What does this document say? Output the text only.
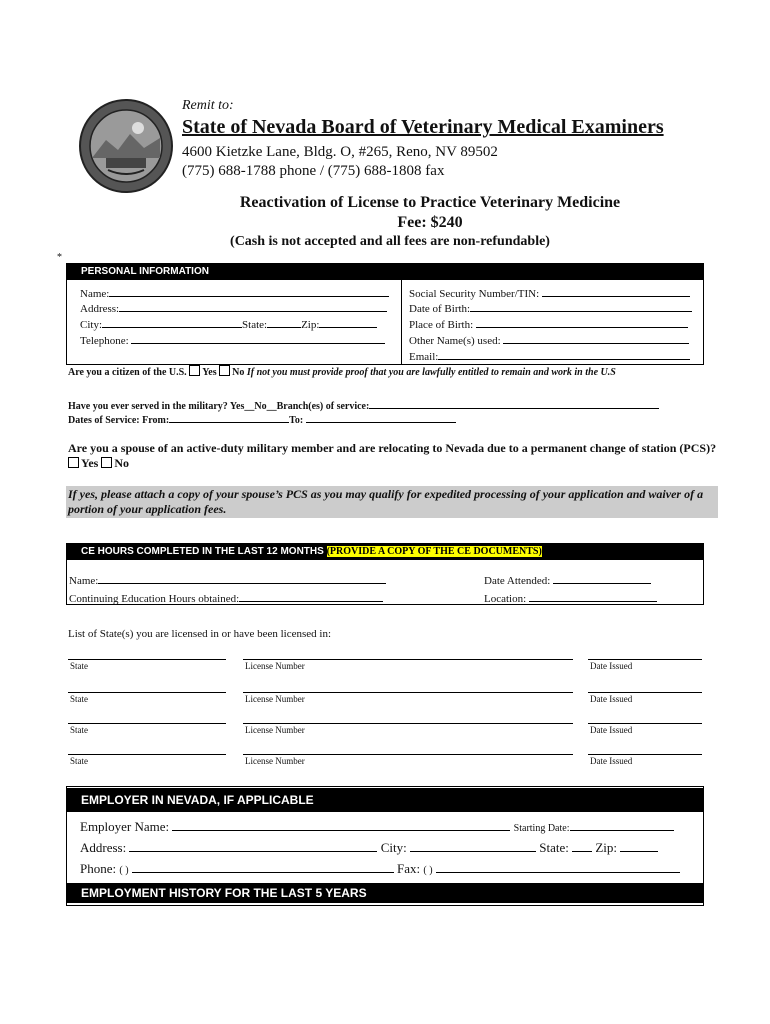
Remit to:
State of Nevada Board of Veterinary Medical Examiners
4600 Kietzke Lane, Bldg. O, #265, Reno, NV 89502
(775) 688-1788 phone / (775) 688-1808 fax
Reactivation of License to Practice Veterinary Medicine
Fee: $240
(Cash is not accepted and all fees are non-refundable)
*
PERSONAL INFORMATION
Name:
Address:
City:	State:	Zip:
Telephone:
Social Security Number/TIN:
Date of Birth:
Place of Birth:
Other Name(s) used:
Email:
Are you a citizen of the U.S. Yes No If not you must provide proof that you are lawfully entitled to remain and work in the U.S
Have you ever served in the military? Yes__No__Branch(es) of service:
Dates of Service: From:	To:
Are you a spouse of an active-duty military member and are relocating to Nevada due to a permanent change of station (PCS)? Yes No
If yes, please attach a copy of your spouse’s PCS as you may qualify for expedited processing of your application and waiver of a portion of your application fees.
CE HOURS COMPLETED IN THE LAST 12 MONTHS (PROVIDE A COPY OF THE CE DOCUMENTS)
Name:
Continuing Education Hours obtained:
Date Attended:
Location:
List of State(s) you are licensed in or have been licensed in:
State	License Number	Date Issued
State	License Number	Date Issued
State	License Number	Date Issued
State	License Number	Date Issued
EMPLOYER IN NEVADA, IF APPLICABLE
EMPLOYMENT HISTORY FOR THE LAST 5 YEARS
Employer Name:	Starting Date:
Address:	City:	State: Zip:
Phone: ( )	Fax: ( )
